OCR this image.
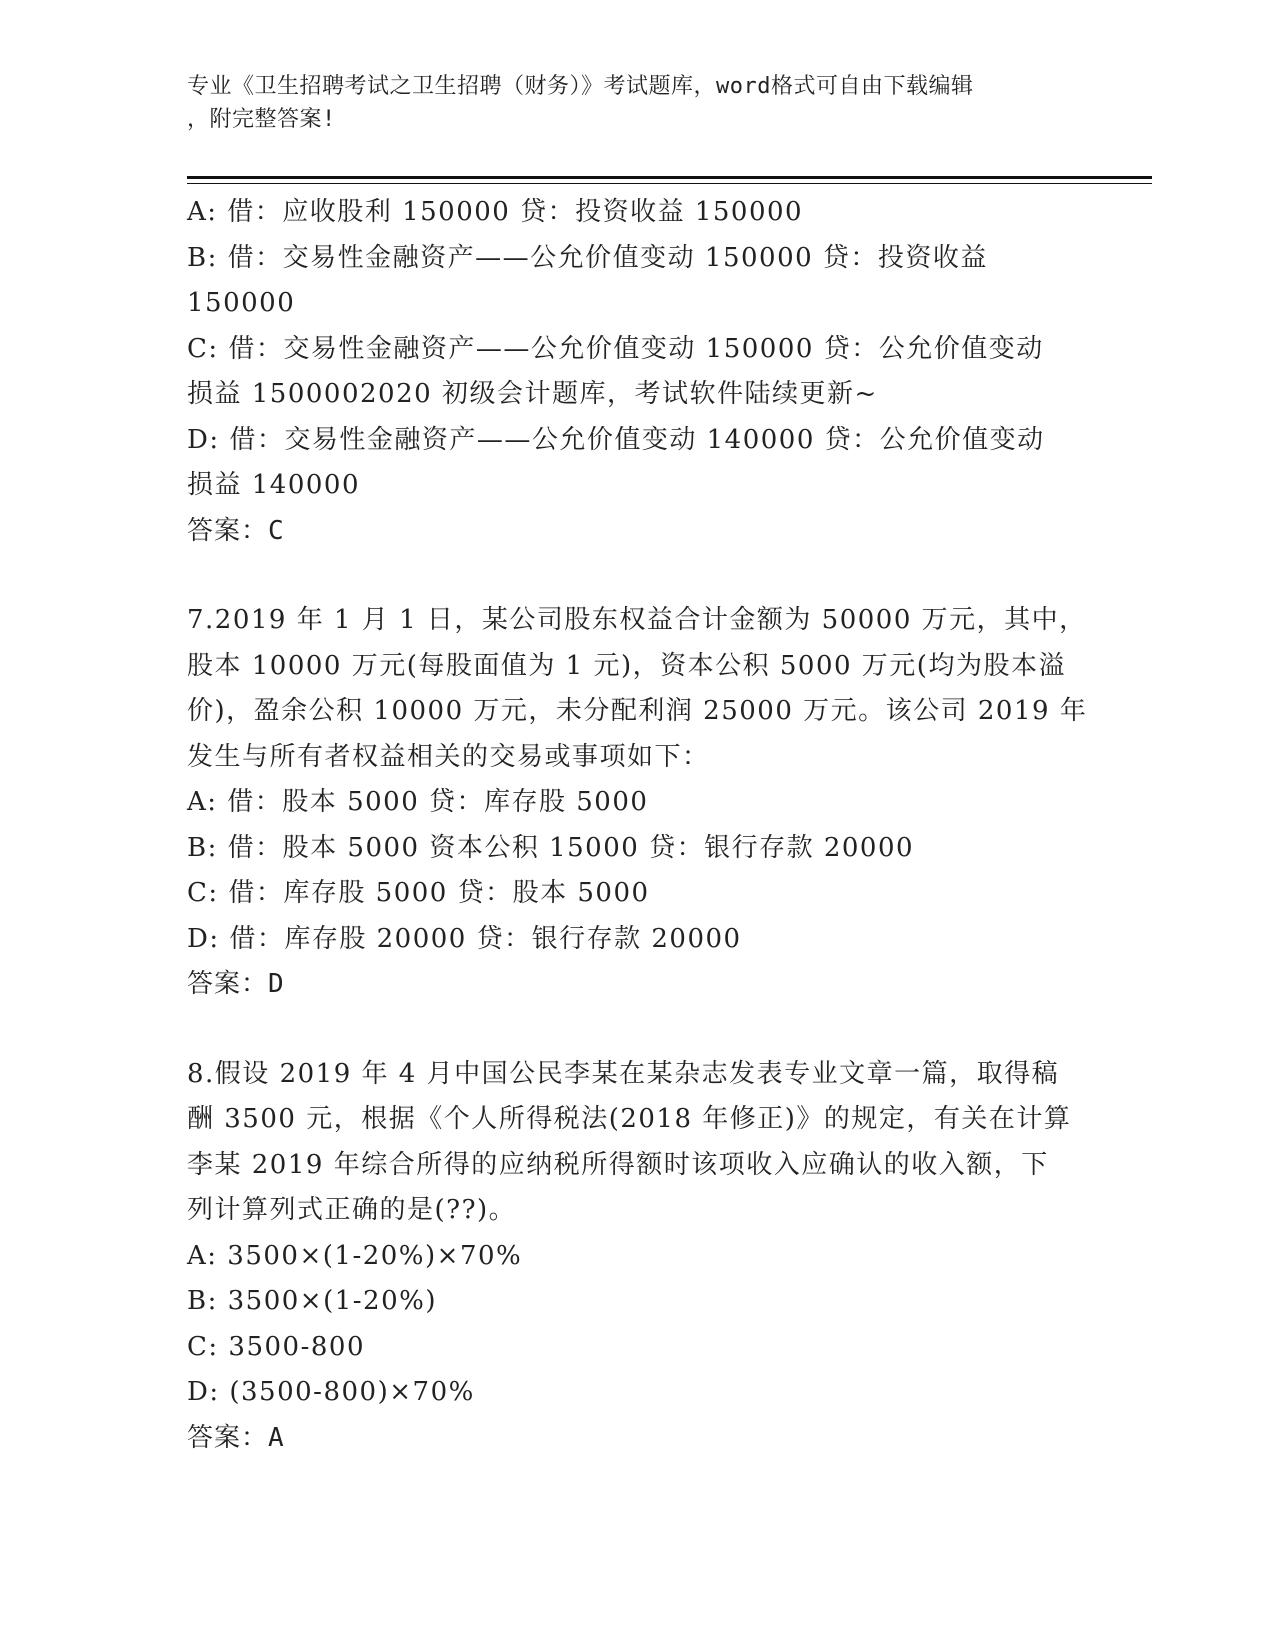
专业《卫生招聘考试之卫生招聘（财务）》考试题库，word格式可自由下载编辑
，附完整答案!
A: 借：应收股利 150000 贷：投资收益 150000
B: 借：交易性金融资产——公允价值变动 150000 贷：投资收益
150000
C: 借：交易性金融资产——公允价值变动 150000 贷：公允价值变动
损益 1500002020 初级会计题库，考试软件陆续更新~
D: 借：交易性金融资产——公允价值变动 140000 贷：公允价值变动
损益 140000
答案：C
7.2019 年 1 月 1 日，某公司股东权益合计金额为 50000 万元，其中，
股本 10000 万元(每股面值为 1 元)，资本公积 5000 万元(均为股本溢
价)，盈余公积 10000 万元，未分配利润 25000 万元。该公司 2019 年
发生与所有者权益相关的交易或事项如下：
A: 借：股本 5000 贷：库存股 5000
B: 借：股本 5000 资本公积 15000 贷：银行存款 20000
C: 借：库存股 5000 贷：股本 5000
D: 借：库存股 20000 贷：银行存款 20000
答案：D
8.假设 2019 年 4 月中国公民李某在某杂志发表专业文章一篇，取得稿
酬 3500 元，根据《个人所得税法(2018 年修正)》的规定，有关在计算
李某 2019 年综合所得的应纳税所得额时该项收入应确认的收入额，下
列计算列式正确的是(??)。
A: 3500×(1-20%)×70%
B: 3500×(1-20%)
C: 3500-800
D: (3500-800)×70%
答案：A
